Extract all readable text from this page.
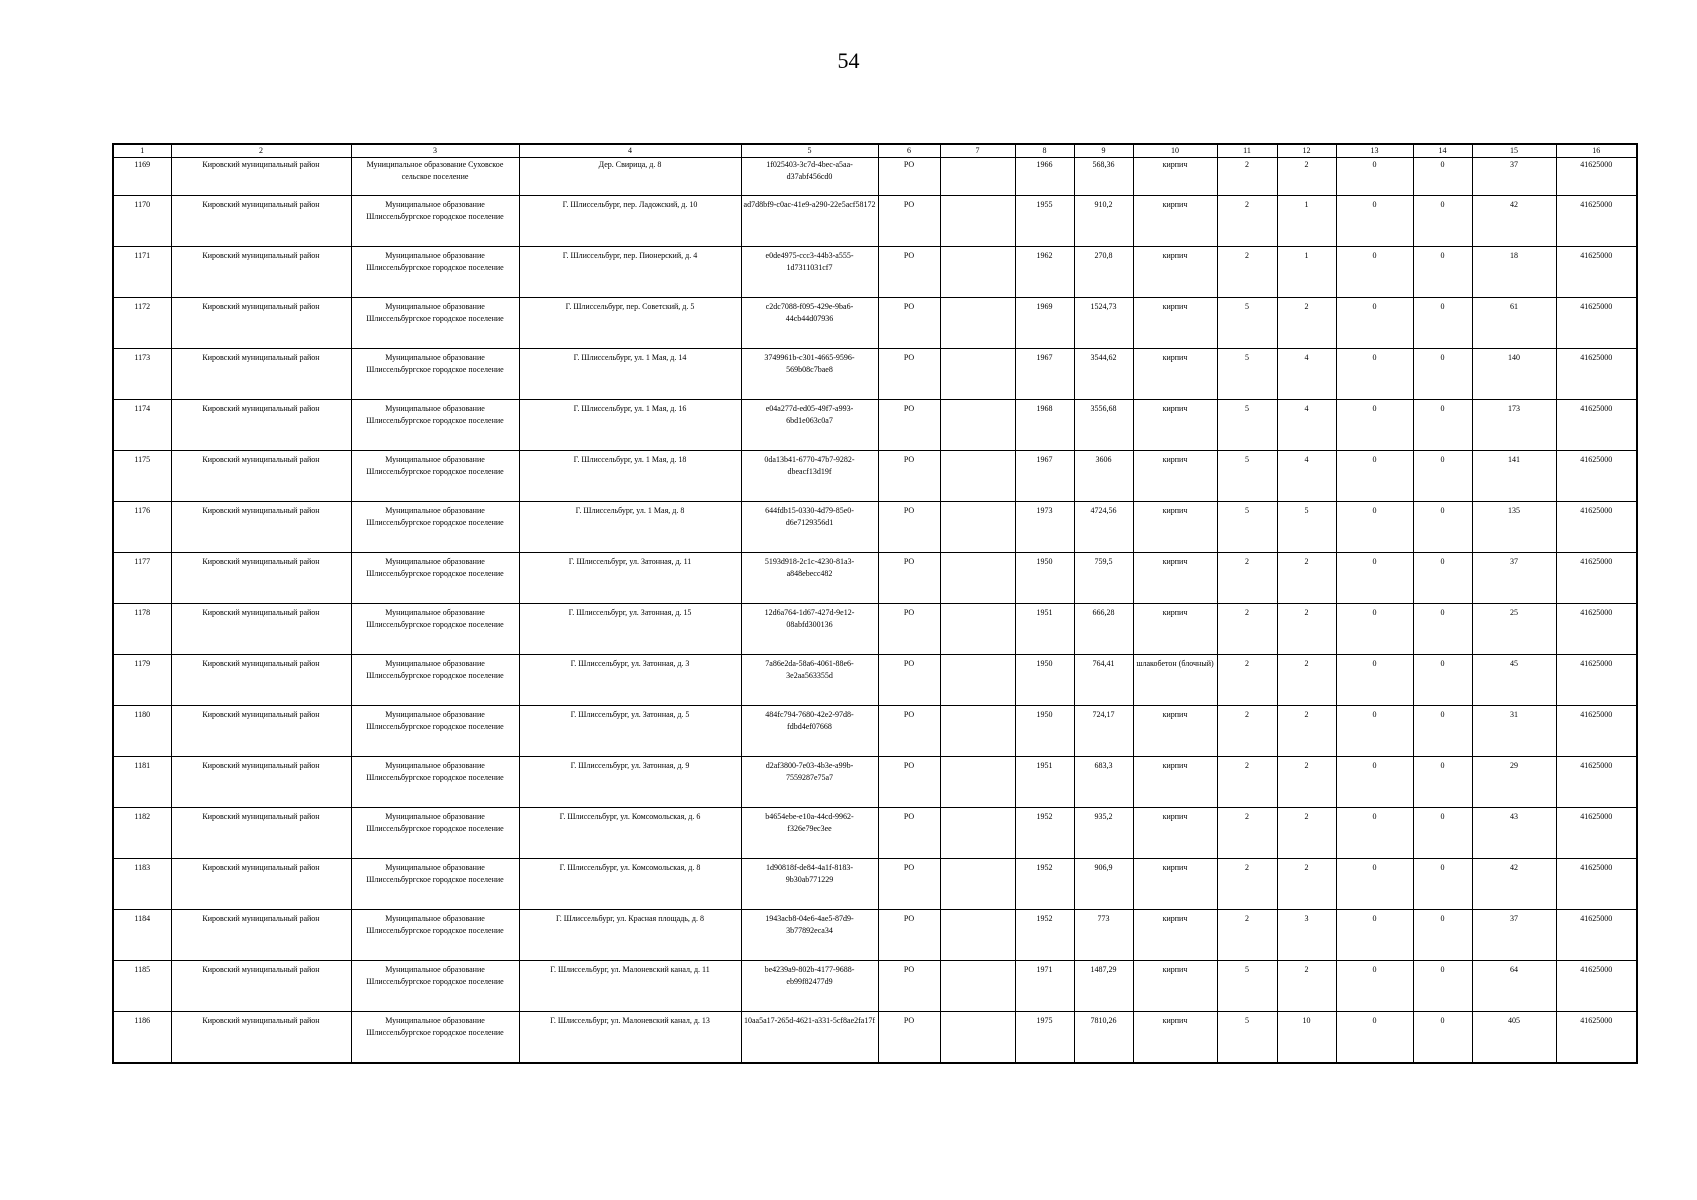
54
1	2	3	4	5	6	7	8	9	10	11	12	13	14	15	16
1169	Кировский муниципальный район	Муниципальное образование Суховское сельское поселение	Дер. Свирица, д. 8	1f025403-3c7d-4bec-a5aa-d37abf456cd0	РО		1966	568,36	кирпич	2	2	0	0	37	41625000
1170	Кировский муниципальный район	Муниципальное образование Шлиссельбургское городское поселение	Г. Шлиссельбург, пер. Ладожский, д. 10	ad7d8bf9-c0ac-41e9-a290-22e5acf58172	РО		1955	910,2	кирпич	2	1	0	0	42	41625000
1171	Кировский муниципальный район	Муниципальное образование Шлиссельбургское городское поселение	Г. Шлиссельбург, пер. Пионерский, д. 4	e0de4975-ccc3-44b3-a555-1d7311031cf7	РО		1962	270,8	кирпич	2	1	0	0	18	41625000
1172	Кировский муниципальный район	Муниципальное образование Шлиссельбургское городское поселение	Г. Шлиссельбург, пер. Советский, д. 5	c2dc7088-f095-429e-9ba6-44cb44d07936	РО		1969	1524,73	кирпич	5	2	0	0	61	41625000
1173	Кировский муниципальный район	Муниципальное образование Шлиссельбургское городское поселение	Г. Шлиссельбург, ул. 1 Мая, д. 14	3749961b-c301-4665-9596-569b08c7bae8	РО		1967	3544,62	кирпич	5	4	0	0	140	41625000
1174	Кировский муниципальный район	Муниципальное образование Шлиссельбургское городское поселение	Г. Шлиссельбург, ул. 1 Мая, д. 16	e04a277d-ed05-49f7-a993-6bd1e063c0a7	РО		1968	3556,68	кирпич	5	4	0	0	173	41625000
1175	Кировский муниципальный район	Муниципальное образование Шлиссельбургское городское поселение	Г. Шлиссельбург, ул. 1 Мая, д. 18	0da13b41-6770-47b7-9282-dbeacf13d19f	РО		1967	3606	кирпич	5	4	0	0	141	41625000
1176	Кировский муниципальный район	Муниципальное образование Шлиссельбургское городское поселение	Г. Шлиссельбург, ул. 1 Мая, д. 8	644fdb15-0330-4d79-85e0-d6e7129356d1	РО		1973	4724,56	кирпич	5	5	0	0	135	41625000
1177	Кировский муниципальный район	Муниципальное образование Шлиссельбургское городское поселение	Г. Шлиссельбург, ул. Затонная, д. 11	5193d918-2c1c-4230-81a3-a848ebecc482	РО		1950	759,5	кирпич	2	2	0	0	37	41625000
1178	Кировский муниципальный район	Муниципальное образование Шлиссельбургское городское поселение	Г. Шлиссельбург, ул. Затонная, д. 15	12d6a764-1d67-427d-9e12-08abfd300136	РО		1951	666,28	кирпич	2	2	0	0	25	41625000
1179	Кировский муниципальный район	Муниципальное образование Шлиссельбургское городское поселение	Г. Шлиссельбург, ул. Затонная, д. 3	7a86e2da-58a6-4061-88e6-3e2aa563355d	РО		1950	764,41	шлакобетон (блочный)	2	2	0	0	45	41625000
1180	Кировский муниципальный район	Муниципальное образование Шлиссельбургское городское поселение	Г. Шлиссельбург, ул. Затонная, д. 5	484fc794-7680-42e2-97d8-fdbd4ef07668	РО		1950	724,17	кирпич	2	2	0	0	31	41625000
1181	Кировский муниципальный район	Муниципальное образование Шлиссельбургское городское поселение	Г. Шлиссельбург, ул. Затонная, д. 9	d2af3800-7e03-4b3e-a99b-7559287e75a7	РО		1951	683,3	кирпич	2	2	0	0	29	41625000
1182	Кировский муниципальный район	Муниципальное образование Шлиссельбургское городское поселение	Г. Шлиссельбург, ул. Комсомольская, д. 6	b4654ebe-e10a-44cd-9962-f326e79ec3ee	РО		1952	935,2	кирпич	2	2	0	0	43	41625000
1183	Кировский муниципальный район	Муниципальное образование Шлиссельбургское городское поселение	Г. Шлиссельбург, ул. Комсомольская, д. 8	1d90818f-de84-4a1f-8183-9b30ab771229	РО		1952	906,9	кирпич	2	2	0	0	42	41625000
1184	Кировский муниципальный район	Муниципальное образование Шлиссельбургское городское поселение	Г. Шлиссельбург, ул. Красная площадь, д. 8	1943acb8-04e6-4ae5-87d9-3b77892eca34	РО		1952	773	кирпич	2	3	0	0	37	41625000
1185	Кировский муниципальный район	Муниципальное образование Шлиссельбургское городское поселение	Г. Шлиссельбург, ул. Малоневский канал, д. 11	be4239a9-802b-4177-9688-eb99f82477d9	РО		1971	1487,29	кирпич	5	2	0	0	64	41625000
1186	Кировский муниципальный район	Муниципальное образование Шлиссельбургское городское поселение	Г. Шлиссельбург, ул. Малоневский канал, д. 13	10aa5a17-265d-4621-a331-5cf8ae2fa17f	РО		1975	7810,26	кирпич	5	10	0	0	405	41625000
